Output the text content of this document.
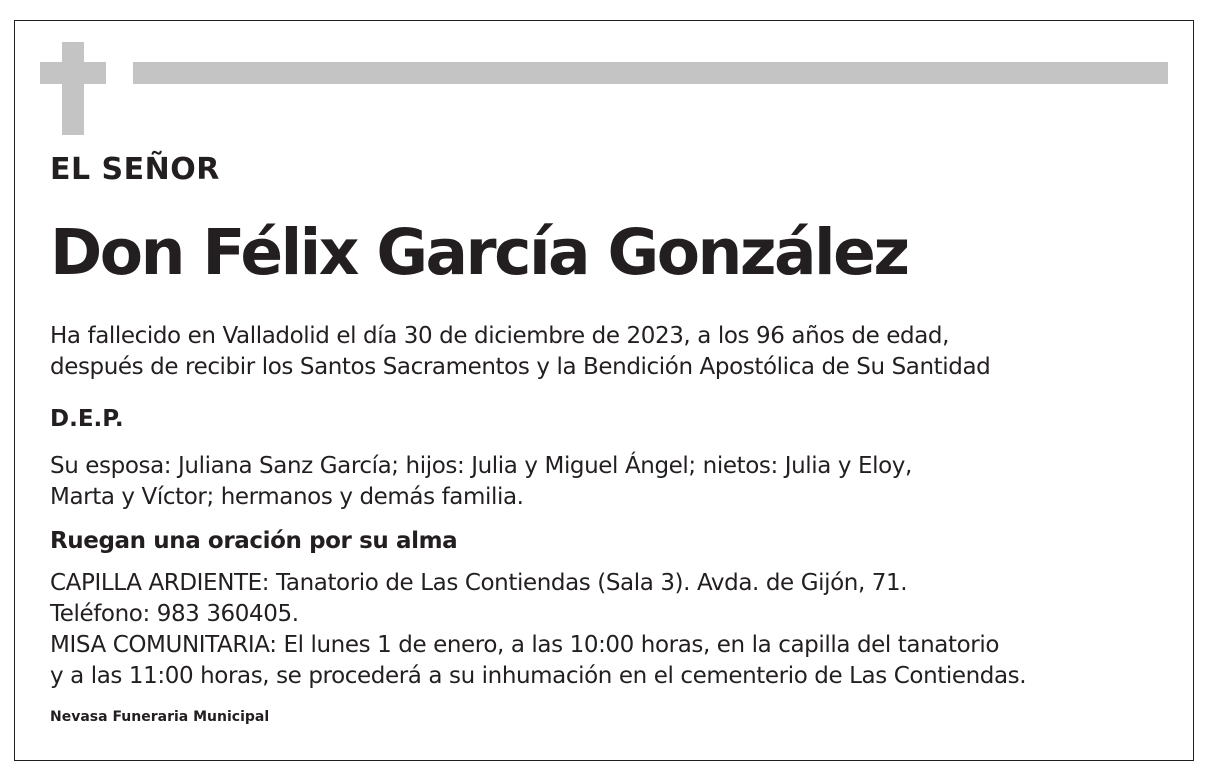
EL SEÑOR

Don Félix García González

Ha fallecido en Valladolid el día 30 de diciembre de 2023, a los 96 años de edad,
después de recibir los Santos Sacramentos y la Bendición Apostólica de Su Santidad

D.E.P.

Su esposa: Juliana Sanz García; hijos: Julia y Miguel Ángel; nietos: Julia y Eloy,
Marta y Víctor; hermanos y demás familia.

Ruegan una oración por su alma

CAPILLA ARDIENTE: Tanatorio de Las Contiendas (Sala 3). Avda. de Gijón, 71.
Teléfono: 983 360405.
MISA COMUNITARIA: El lunes 1 de enero, a las 10:00 horas, en la capilla del tanatorio
y a las 11:00 horas, se procederá a su inhumación en el cementerio de Las Contiendas.

Nevasa Funeraria Municipal
